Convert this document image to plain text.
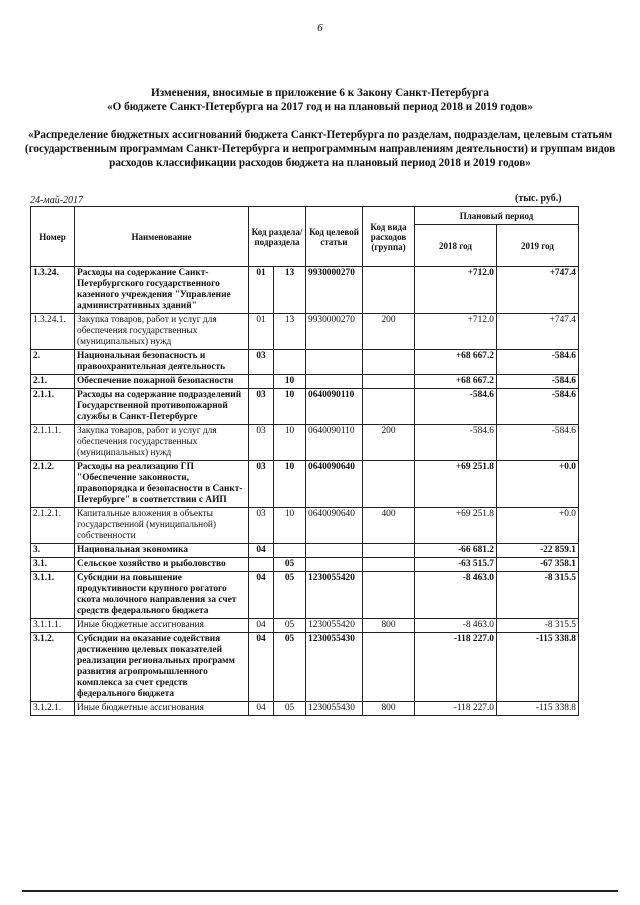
6
Изменения, вносимые в приложение 6 к Закону Санкт-Петербурга
«О бюджете Санкт-Петербурга на 2017 год и на плановый период 2018 и 2019 годов»
«Распределение бюджетных ассигнований бюджета Санкт-Петербурга по разделам, подразделам, целевым статьям (государственным программам Санкт-Петербурга и непрограммным направлениям деятельности) и группам видов расходов классификации расходов бюджета на плановый период 2018 и 2019 годов»
24-май-2017	(тыс. руб.)
Номер	Наименование	Код раздела/ подраздела		Код целевой статьи	Код вида расходов (группа)	Плановый период	
						2018 год	2019 год
1.3.24.	Расходы на содержание Санкт-Петербургского государственного казенного учреждения "Управление административных зданий"	01	13	9930000270		+712.0	+747.4
1.3.24.1.	Закупка товаров, работ и услуг для обеспечения государственных (муниципальных) нужд	01	13	9930000270	200	+712.0	+747.4
2.	Национальная безопасность и правоохранительная деятельность	03				+68 667.2	-584.6
2.1.	Обеспечение пожарной безопасности		10			+68 667.2	-584.6
2.1.1.	Расходы на содержание подразделений Государственной противопожарной службы в Санкт-Петербурге	03	10	0640090110		-584.6	-584.6
2.1.1.1.	Закупка товаров, работ и услуг для обеспечения государственных (муниципальных) нужд	03	10	0640090110	200	-584.6	-584.6
2.1.2.	Расходы на реализацию ГП "Обеспечение законности, правопорядка и безопасности в Санкт-Петербурге" в соответствии с АИП	03	10	0640090640		+69 251.8	+0.0
2.1.2.1.	Капитальные вложения в объекты государственной (муниципальной) собственности	03	10	0640090640	400	+69 251.8	+0.0
3.	Национальная экономика	04				-66 681.2	-22 859.1
3.1.	Сельское хозяйство и рыболовство		05			-63 515.7	-67 358.1
3.1.1.	Субсидии на повышение продуктивности крупного рогатого скота молочного направления за счет средств федерального бюджета	04	05	1230055420		-8 463.0	-8 315.5
3.1.1.1.	Иные бюджетные ассигнования	04	05	1230055420	800	-8 463.0	-8 315.5
3.1.2.	Субсидии на оказание содействия достижению целевых показателей реализации региональных программ развития агропромышленного комплекса за счет средств федерального бюджета	04	05	1230055430		-118 227.0	-115 338.8
3.1.2.1.	Иные бюджетные ассигнования	04	05	1230055430	800	-118 227.0	-115 338.8
